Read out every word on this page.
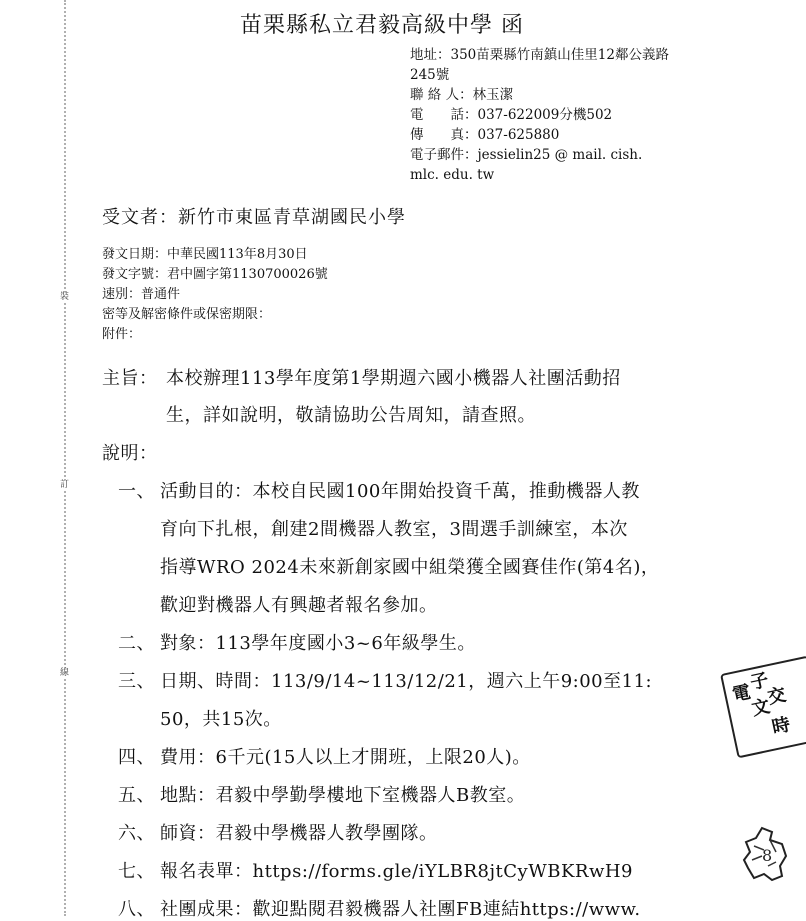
裝
訂
線
苗栗縣私立君毅高級中學 函
地址：350苗栗縣竹南鎮山佳里12鄰公義路
245號
聯 絡 人：林玉潔
電　　話：037-622009分機502
傳　　真：037-625880
電子郵件：jessielin25 @ mail. cish.
mlc. edu. tw
受文者：新竹市東區青草湖國民小學
發文日期：中華民國113年8月30日
發文字號：君中圖字第1130700026號
速別：普通件
密等及解密條件或保密期限：
附件：
主旨： 本校辦理113學年度第1學期週六國小機器人社團活動招
生，詳如說明，敬請協助公告周知，請查照。
說明：
一、 活動目的：本校自民國100年開始投資千萬，推動機器人教
育向下扎根，創建2間機器人教室，3間選手訓練室，本次
指導WRO 2024未來新創家國中組榮獲全國賽佳作(第4名)，
歡迎對機器人有興趣者報名參加。
二、 對象：113學年度國小3~6年級學生。
三、 日期、時間：113/9/14~113/12/21，週六上午9:00至11:
50，共15次。
四、 費用：6千元(15人以上才開班，上限20人)。
五、 地點：君毅中學勤學樓地下室機器人B教室。
六、 師資：君毅中學機器人教學團隊。
七、 報名表單：https://forms.gle/iYLBR8jtCyWBKRwH9
八、 社團成果：歡迎點閱君毅機器人社團FB連結https://www.
電
子
文
交
時
8
